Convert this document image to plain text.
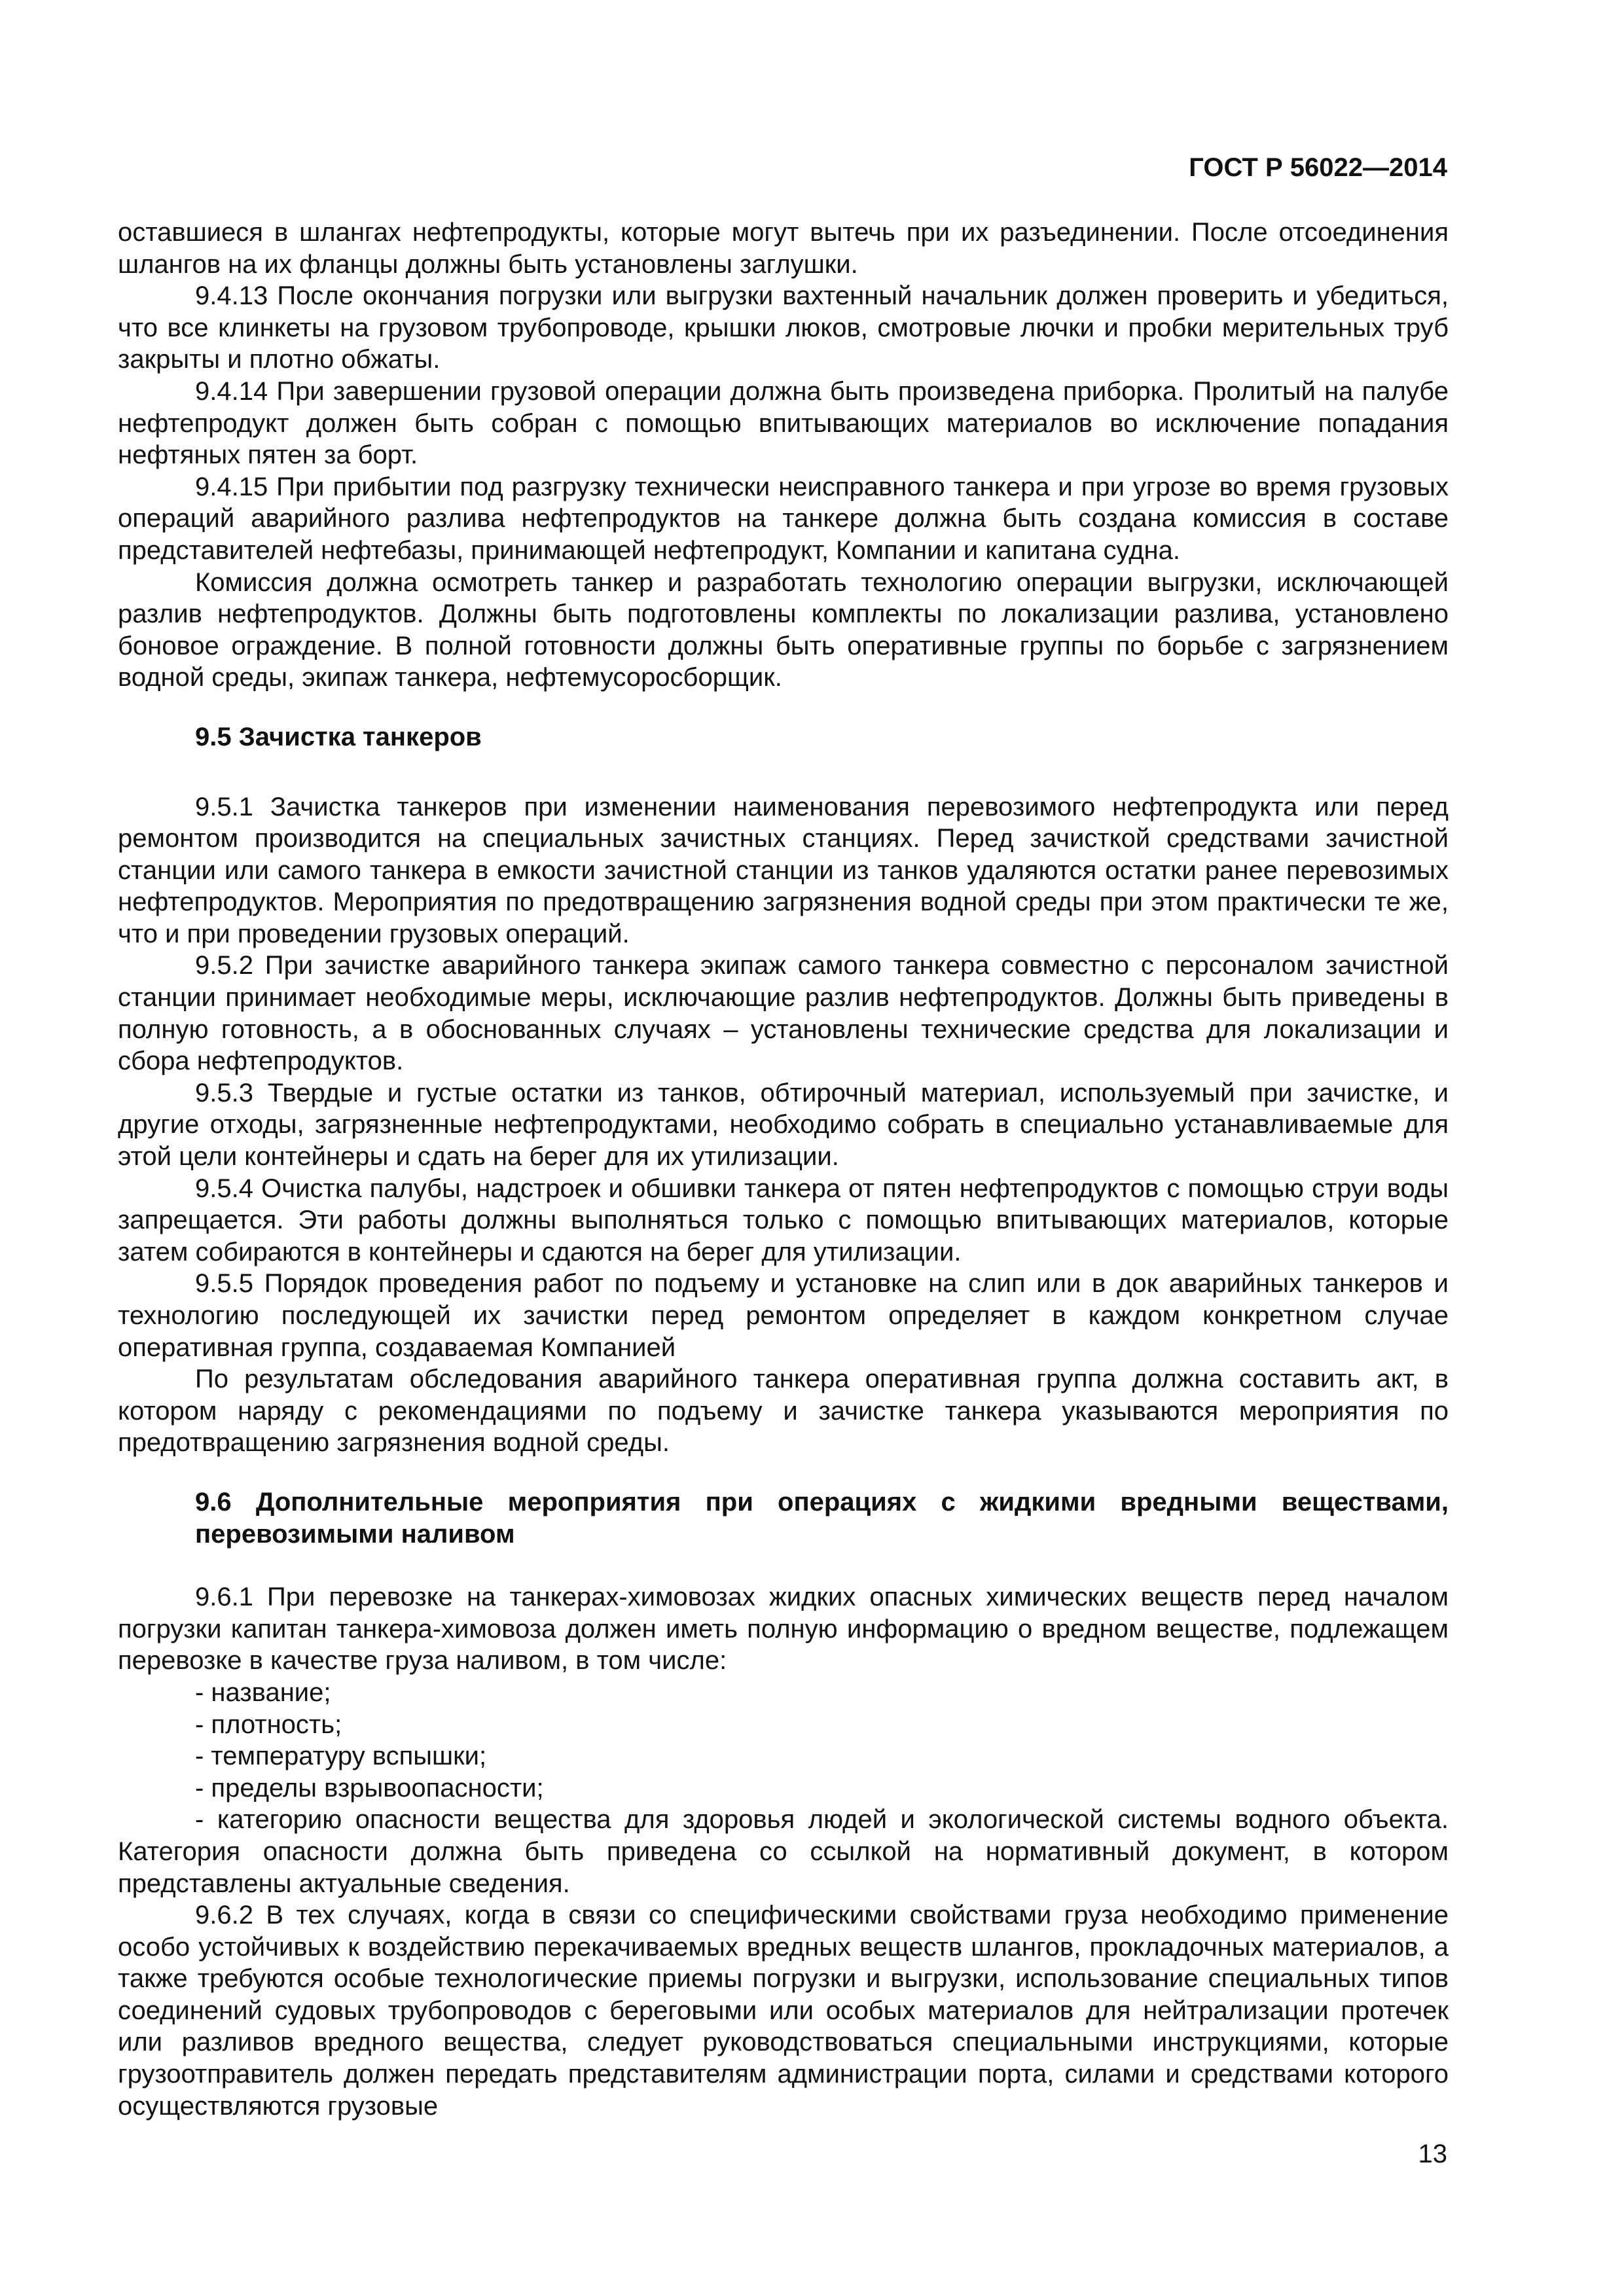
ГОСТ Р 56022—2014

оставшиеся в шлангах нефтепродукты, которые могут вытечь при их разъединении. После отсоединения шлангов на их фланцы должны быть установлены заглушки.

9.4.13 После окончания погрузки или выгрузки вахтенный начальник должен проверить и убедиться, что все клинкеты на грузовом трубопроводе, крышки люков, смотровые лючки и пробки мерительных труб закрыты и плотно обжаты.

9.4.14 При завершении грузовой операции должна быть произведена приборка. Пролитый на палубе нефтепродукт должен быть собран с помощью впитывающих материалов во исключение попадания нефтяных пятен за борт.

9.4.15 При прибытии под разгрузку технически неисправного танкера и при угрозе во время грузовых операций аварийного разлива нефтепродуктов на танкере должна быть создана комиссия в составе представителей нефтебазы, принимающей нефтепродукт, Компании и капитана судна.

Комиссия должна осмотреть танкер и разработать технологию операции выгрузки, исключающей разлив нефтепродуктов. Должны быть подготовлены комплекты по локализации разлива, установлено боновое ограждение. В полной готовности должны быть оперативные группы по борьбе с загрязнением водной среды, экипаж танкера, нефтемусоросборщик.

9.5 Зачистка танкеров

9.5.1 Зачистка танкеров при изменении наименования перевозимого нефтепродукта или перед ремонтом производится на специальных зачистных станциях. Перед зачисткой средствами зачистной станции или самого танкера в емкости зачистной станции из танков удаляются остатки ранее перевозимых нефтепродуктов. Мероприятия по предотвращению загрязнения водной среды при этом практически те же, что и при проведении грузовых операций.

9.5.2 При зачистке аварийного танкера экипаж самого танкера совместно с персоналом зачистной станции принимает необходимые меры, исключающие разлив нефтепродуктов. Должны быть приведены в полную готовность, а в обоснованных случаях – установлены технические средства для локализации и сбора нефтепродуктов.

9.5.3 Твердые и густые остатки из танков, обтирочный материал, используемый при зачистке, и другие отходы, загрязненные нефтепродуктами, необходимо собрать в специально устанавливаемые для этой цели контейнеры и сдать на берег для их утилизации.

9.5.4 Очистка палубы, надстроек и обшивки танкера от пятен нефтепродуктов с помощью струи воды запрещается. Эти работы должны выполняться только с помощью впитывающих материалов, которые затем собираются в контейнеры и сдаются на берег для утилизации.

9.5.5 Порядок проведения работ по подъему и установке на слип или в док аварийных танкеров и технологию последующей их зачистки перед ремонтом определяет в каждом конкретном случае оперативная группа, создаваемая Компанией

По результатам обследования аварийного танкера оперативная группа должна составить акт, в котором наряду с рекомендациями по подъему и зачистке танкера указываются мероприятия по предотвращению загрязнения водной среды.

9.6 Дополнительные мероприятия при операциях с жидкими вредными веществами, перевозимыми наливом

9.6.1 При перевозке на танкерах-химовозах жидких опасных химических веществ перед началом погрузки капитан танкера-химовоза должен иметь полную информацию о вредном веществе, подлежащем перевозке в качестве груза наливом, в том числе:

- название;

- плотность;

- температуру вспышки;

- пределы взрывоопасности;

- категорию опасности вещества для здоровья людей и экологической системы водного объекта. Категория опасности должна быть приведена со ссылкой на нормативный документ, в котором представлены актуальные сведения.

9.6.2 В тех случаях, когда в связи со специфическими свойствами груза необходимо применение особо устойчивых к воздействию перекачиваемых вредных веществ шлангов, прокладочных материалов, а также требуются особые технологические приемы погрузки и выгрузки, использование специальных типов соединений судовых трубопроводов с береговыми или особых материалов для нейтрализации протечек или разливов вредного вещества, следует руководствоваться специальными инструкциями, которые грузоотправитель должен передать представителям администрации порта, силами и средствами которого осуществляются грузовые

13
